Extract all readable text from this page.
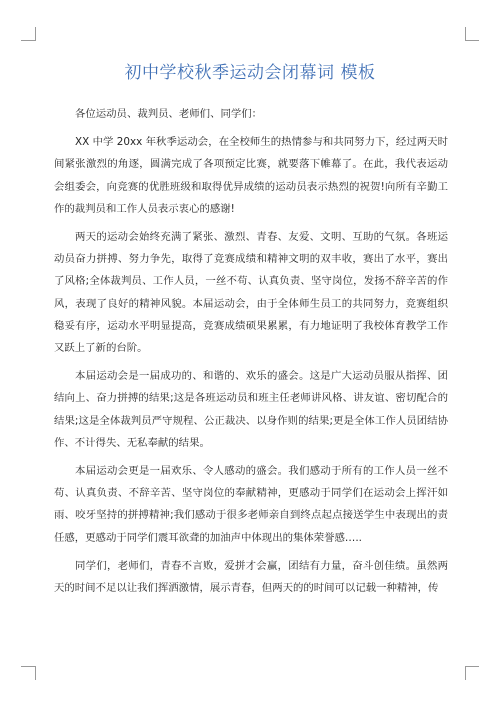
初中学校秋季运动会闭幕词 模板

各位运动员、裁判员、老师们、同学们：

XX 中学 20xx 年秋季运动会，在全校师生的热情参与和共同努力下，经过两天时间紧张激烈的角逐，圆满完成了各项预定比赛，就要落下帷幕了。在此，我代表运动会组委会，向竞赛的优胜班级和取得优异成绩的运动员表示热烈的祝贺!向所有辛勤工作的裁判员和工作人员表示衷心的感谢!

两天的运动会始终充满了紧张、激烈、青春、友爱、文明、互助的气氛。各班运动员奋力拼搏、努力争先，取得了竞赛成绩和精神文明的双丰收，赛出了水平，赛出了风格;全体裁判员、工作人员，一丝不苟、认真负责、坚守岗位，发扬不辞辛苦的作风，表现了良好的精神风貌。本届运动会，由于全体师生员工的共同努力，竞赛组织稳妥有序，运动水平明显提高，竞赛成绩硕果累累，有力地证明了我校体育教学工作又跃上了新的台阶。

本届运动会是一届成功的、和谐的、欢乐的盛会。这是广大运动员服从指挥、团结向上、奋力拼搏的结果;这是各班运动员和班主任老师讲风格、讲友谊、密切配合的结果;这是全体裁判员严守规程、公正裁决、以身作则的结果;更是全体工作人员团结协作、不计得失、无私奉献的结果。

本届运动会更是一届欢乐、令人感动的盛会。我们感动于所有的工作人员一丝不苟、认真负责、不辞辛苦、坚守岗位的奉献精神，更感动于同学们在运动会上挥汗如雨、咬牙坚持的拼搏精神;我们感动于很多老师亲自到终点起点接送学生中表现出的责任感，更感动于同学们震耳欲聋的加油声中体现出的集体荣誉感…..

同学们，老师们，青春不言败，爱拼才会赢，团结有力量，奋斗创佳绩。虽然两天的时间不足以让我们挥洒激情，展示青春，但两天的的时间可以记载一种精神，传
